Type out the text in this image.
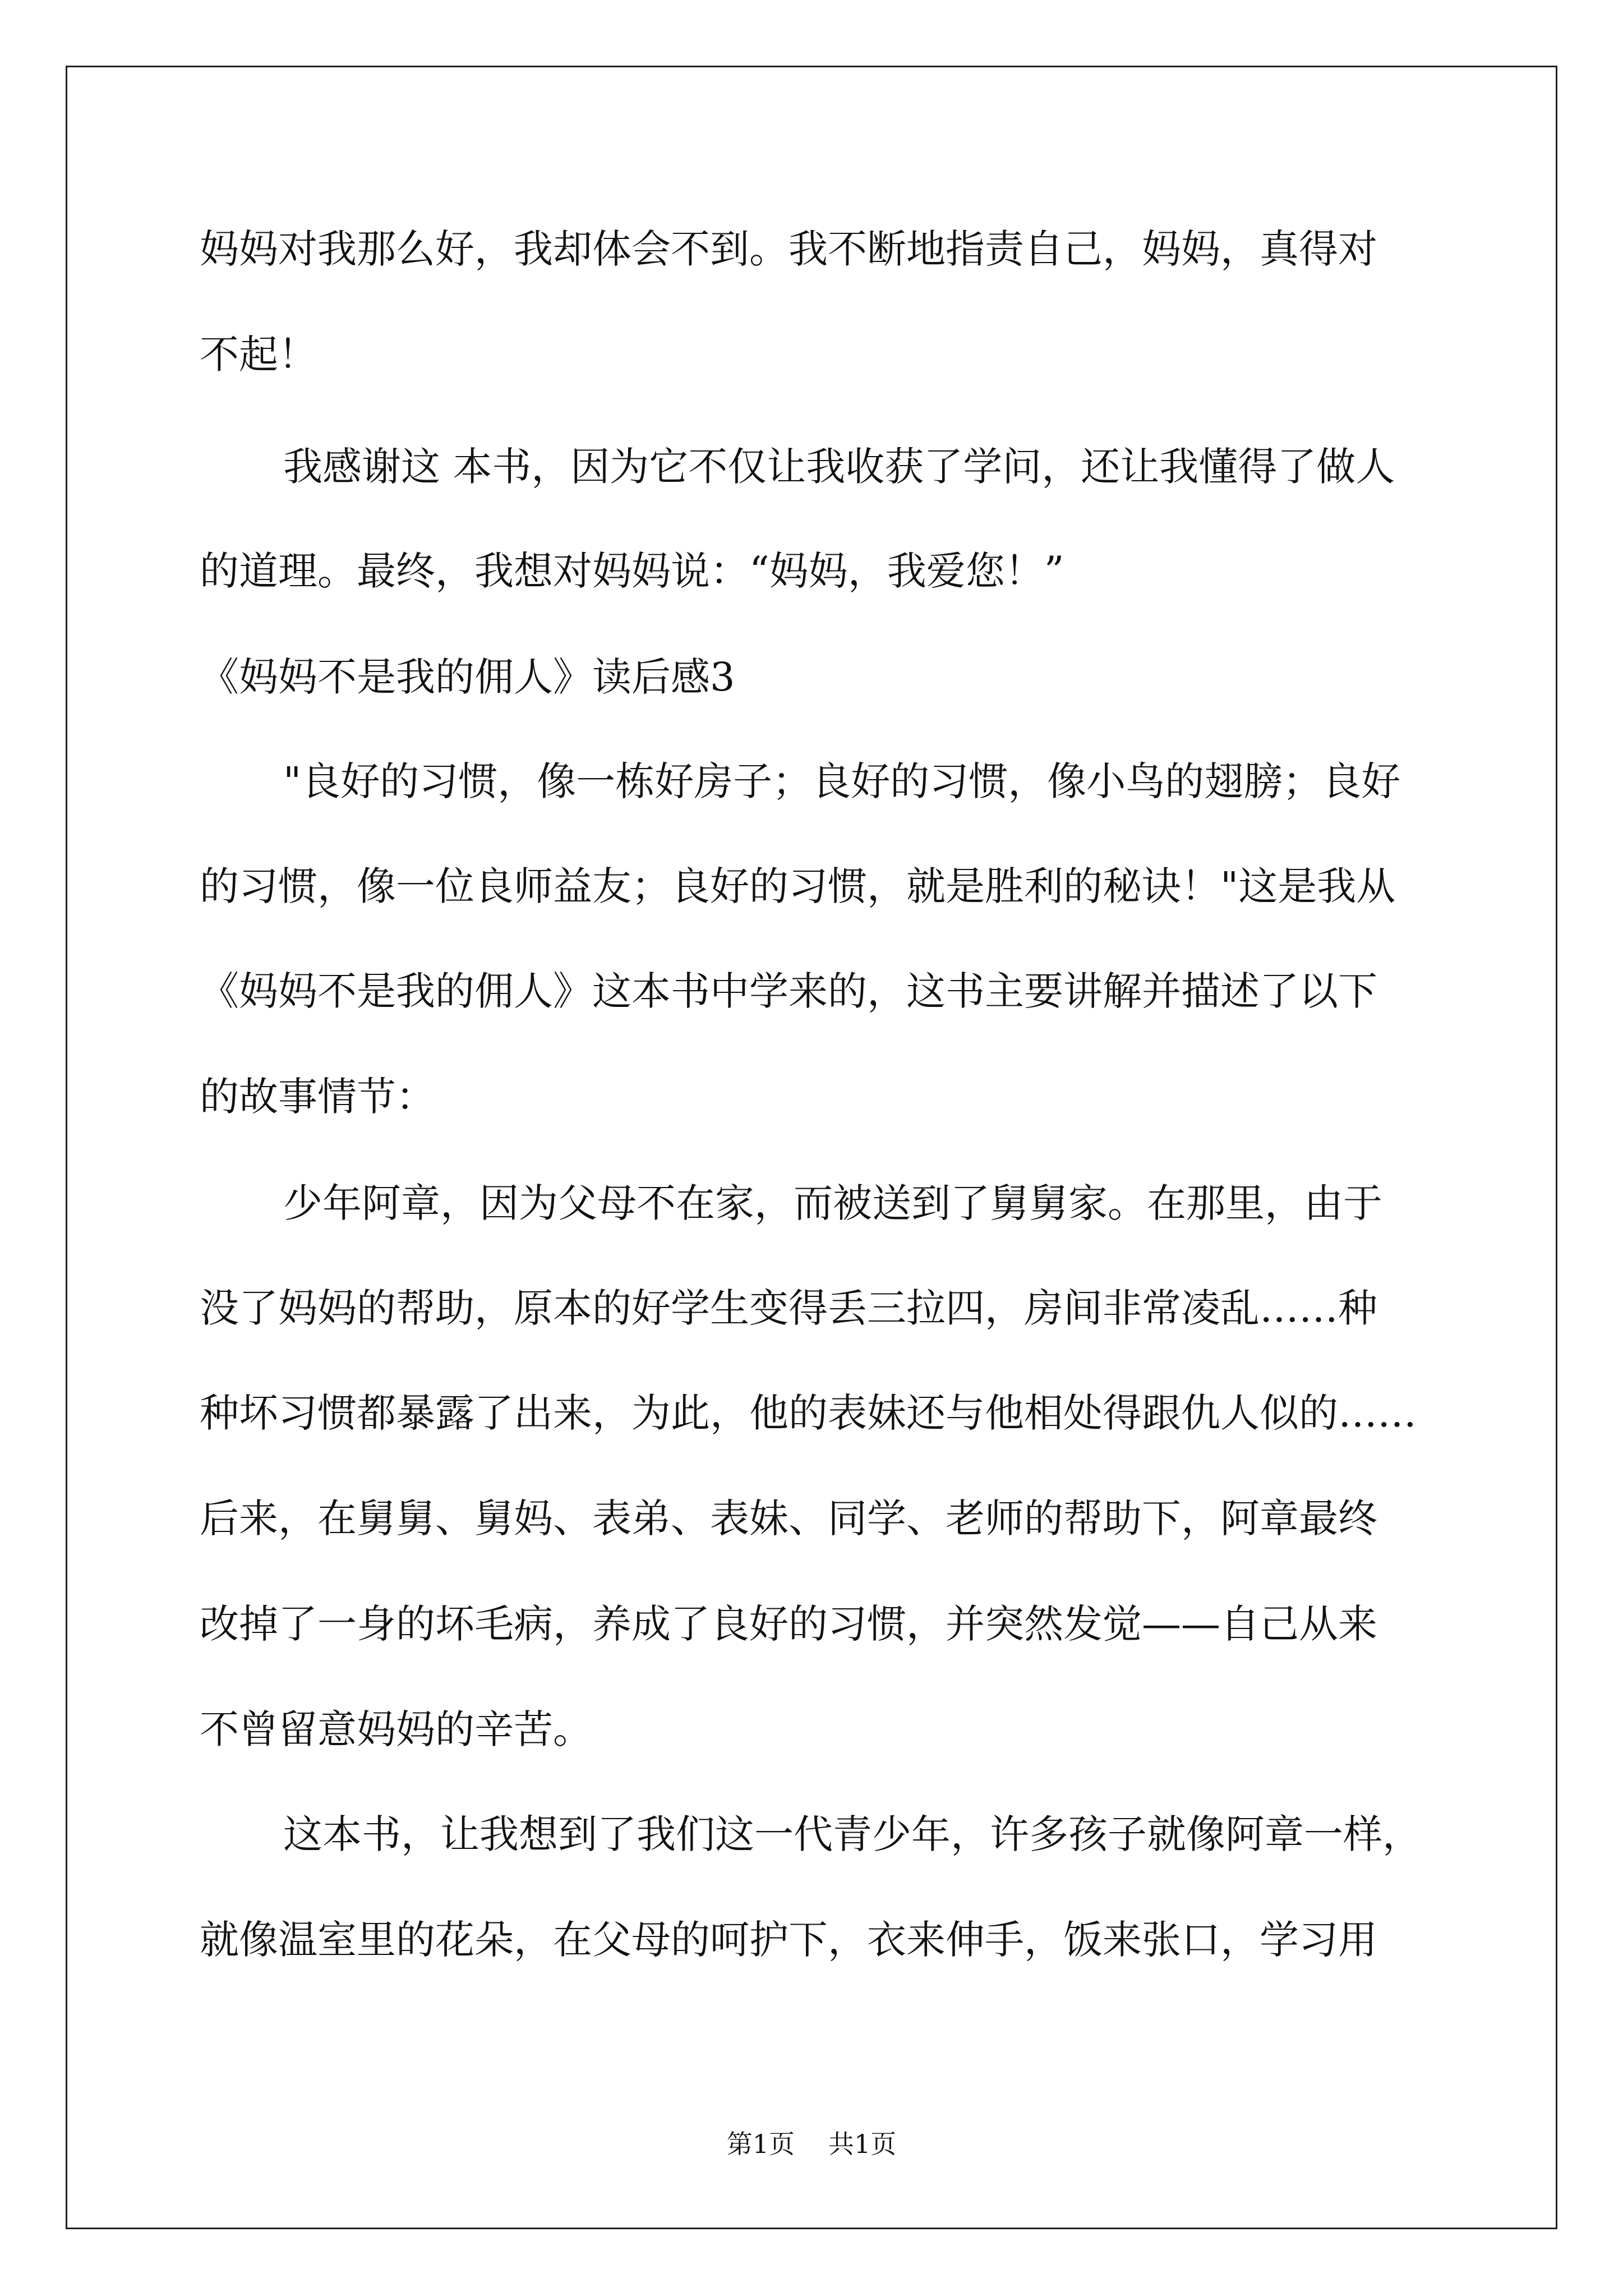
妈妈对我那么好，我却体会不到。我不断地指责自己，妈妈，真得对
不起！
我感谢这 本书，因为它不仅让我收获了学问，还让我懂得了做人
的道理。最终，我想对妈妈说：“妈妈，我爱您！”
《妈妈不是我的佣人》读后感3
"良好的习惯，像一栋好房子；良好的习惯，像小鸟的翅膀；良好
的习惯，像一位良师益友；良好的习惯，就是胜利的秘诀！"这是我从
《妈妈不是我的佣人》这本书中学来的，这书主要讲解并描述了以下
的故事情节：
少年阿章，因为父母不在家，而被送到了舅舅家。在那里，由于
没了妈妈的帮助，原本的好学生变得丢三拉四，房间非常凌乱……种
种坏习惯都暴露了出来，为此，他的表妹还与他相处得跟仇人似的……
后来，在舅舅、舅妈、表弟、表妹、同学、老师的帮助下，阿章最终
改掉了一身的坏毛病，养成了良好的习惯，并突然发觉——自己从来
不曾留意妈妈的辛苦。
这本书，让我想到了我们这一代青少年，许多孩子就像阿章一样，
就像温室里的花朵，在父母的呵护下，衣来伸手，饭来张口，学习用
第1页 共1页
